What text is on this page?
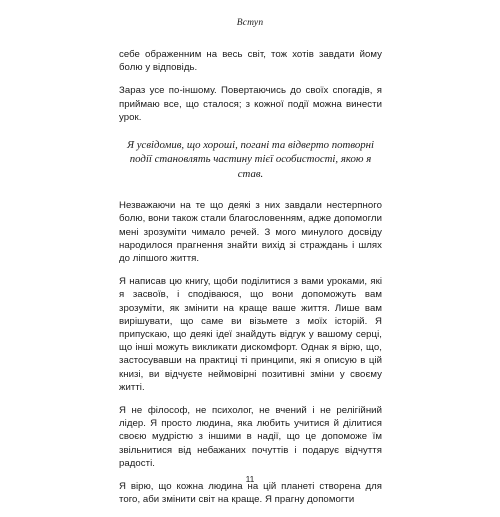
Вступ

себе ображенним на весь світ, тож хотів завдати йому болю у відповідь.

Зараз усе по-іншому. Повертаючись до своїх спогадів, я приймаю все, що сталося; з кожної події можна винести урок.

Я усвідомив, що хороші, погані та відверто потворні події становлять частину тієї особистості, якою я став.

Незважаючи на те що деякі з них завдали нестерпного болю, вони також стали благословенням, адже допомогли мені зрозуміти чимало речей. З мого минулого досвіду народилося прагнення знайти вихід зі страждань і шлях до ліпшого життя.

Я написав цю книгу, щоби поділитися з вами уроками, які я засвоїв, і сподіваюся, що вони допоможуть вам зрозуміти, як змінити на краще ваше життя. Лише вам вирішувати, що саме ви візьмете з моїх історій. Я припускаю, що деякі ідеї знайдуть відгук у вашому серці, що інші можуть викликати дискомфорт. Однак я вірю, що, застосувавши на практиці ті принципи, які я описую в цій книзі, ви відчуєте неймовірні позитивні зміни у своєму житті.

Я не філософ, не психолог, не вчений і не релігійний лідер. Я просто людина, яка любить учитися й ділитися своєю мудрістю з іншими в надії, що це допоможе їм звільнитися від небажаних почуттів і подарує відчуття радості.

Я вірю, що кожна людина на цій планеті створена для того, аби змінити світ на краще. Я прагну допомогти

11
